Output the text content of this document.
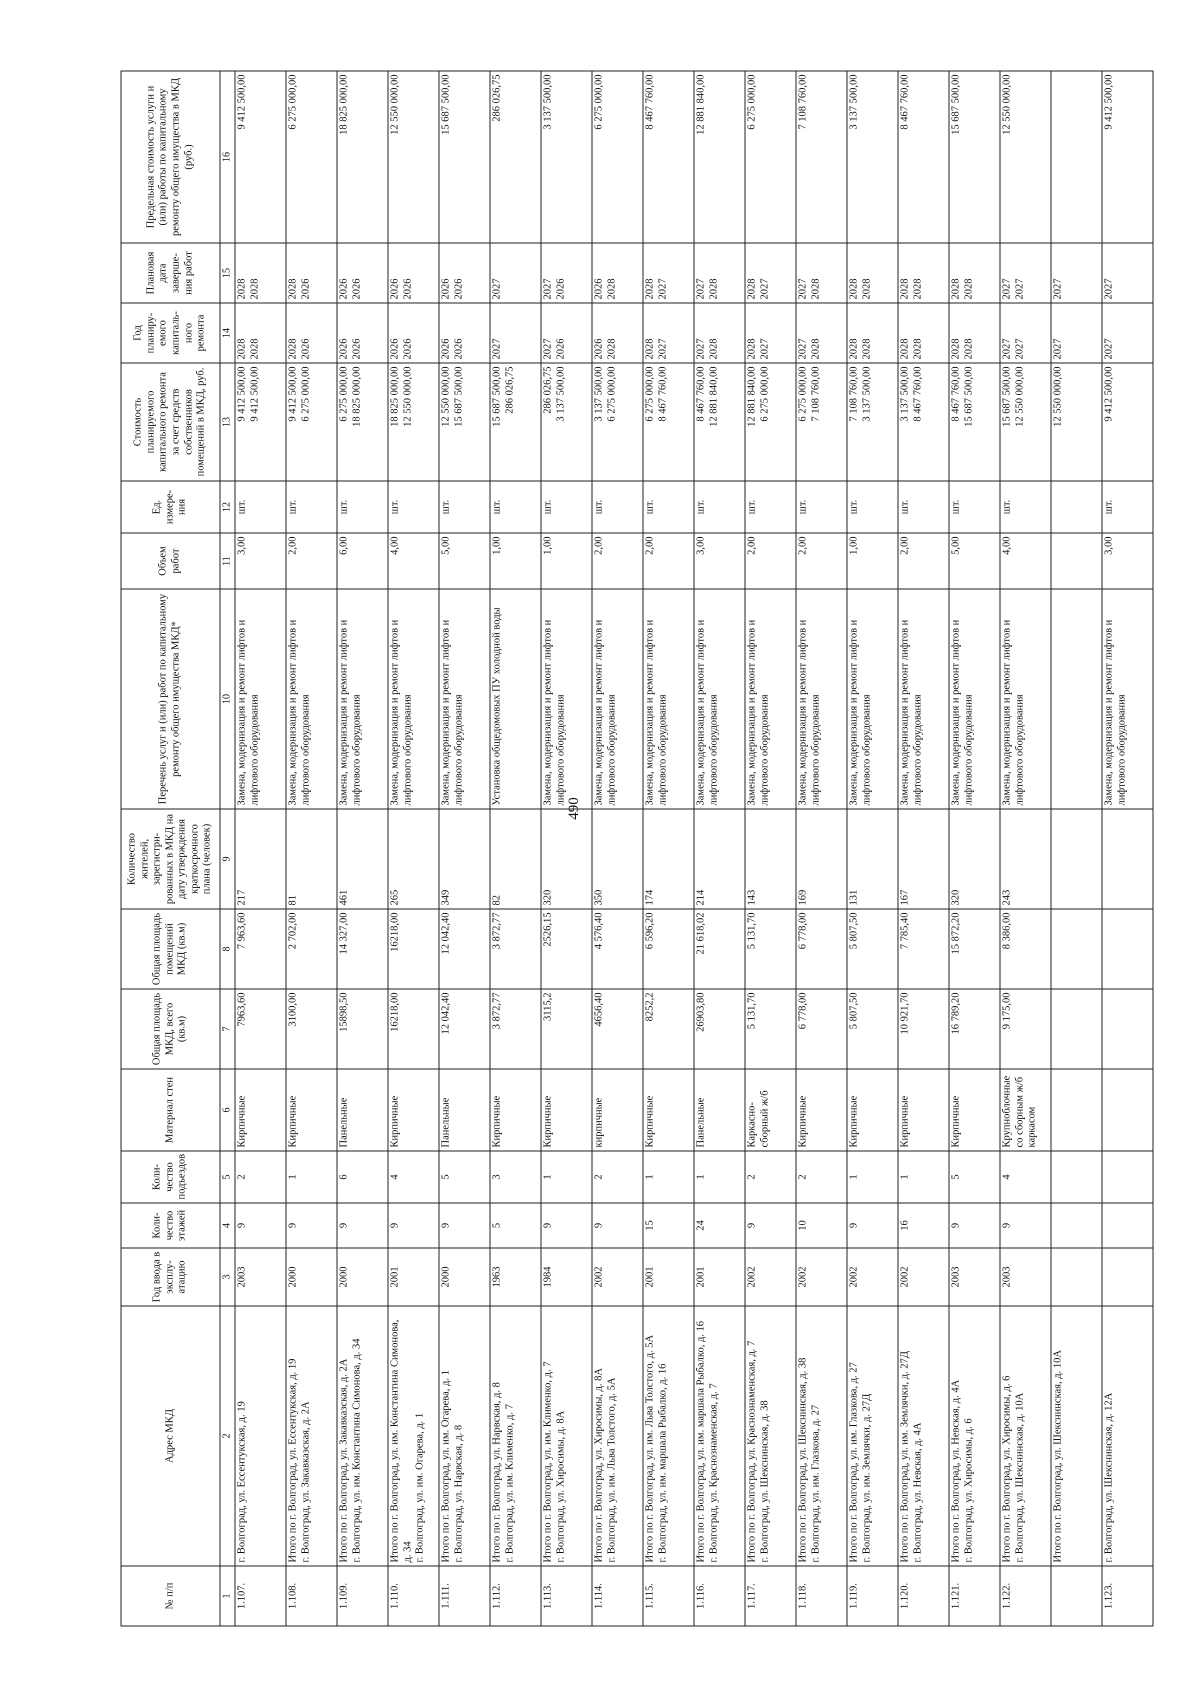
490
№ п/п	Адрес МКД	Год ввода в эксплу-атацию	Коли-чество этажей	Коли-чество подъездов	Материал стен	Общая площадь МКД, всего (кв.м)	Общая площадь помещений МКД (кв.м)	Количество жителей, зарегистри-рованных в МКД на дату утверждения краткосрочного плана (человек)	Перечень услуг и (или) работ по капитальному ремонту общего имущества МКД*	Объем работ	Ед. измере-ния	Стоимость планируемого капитального ремонта за счет средств собственников помещений в МКД, руб.	Год планиру-емого капиталь-ного ремонта	Плановая дата заверше-ния работ	Предельная стоимость услуги и (или) работы по капитальному ремонту общего имущества в МКД (руб.)
1	2	3	4	5	6	7	8	9	10	11	12	13	14	15	16

1.107.	г. Волгоград, ул. Ессентукская, д. 19	2003	9	2	Кирпичные	7963,60	7 963,60	217	Замена, модернизация и ремонт лифтов и лифтового оборудования	3,00	шт.	9 412 500,00 9 412 500,00	2028 2028	2028 2028	9 412 500,00

1.108.	Итого по г. Волгоград, ул. Ессентукская, д. 19 г. Волгоград, ул. Закавказская, д. 2А	2000	9	1	Кирпичные	3100,00	2 702,00	81	Замена, модернизация и ремонт лифтов и лифтового оборудования	2,00	шт.	9 412 500,00 6 275 000,00	2028 2026	2028 2026	6 275 000,00

1.109.	Итого по г. Волгоград, ул. Закавказская, д. 2А г. Волгоград, ул. им. Константина Симонова, д. 34	2000	9	6	Панельные	15898,50	14 327,00	461	Замена, модернизация и ремонт лифтов и лифтового оборудования	6,00	шт.	6 275 000,00 18 825 000,00	2026 2026	2026 2026	18 825 000,00

1.110.	Итого по г. Волгоград, ул. им. Константина Симонова, д. 34 г. Волгоград, ул. им. Огарева, д. 1	2001	9	4	Кирпичные	16218,00	16218,00	265	Замена, модернизация и ремонт лифтов и лифтового оборудования	4,00	шт.	18 825 000,00 12 550 000,00	2026 2026	2026 2026	12 550 000,00

1.111.	Итого по г. Волгоград, ул. им. Огарева, д. 1 г. Волгоград, ул. Нарвская, д. 8	2000	9	5	Панельные	12 042,40	12 042,40	349	Замена, модернизация и ремонт лифтов и лифтового оборудования	5,00	шт.	12 550 000,00 15 687 500,00	2026 2026	2026 2026	15 687 500,00

1.112.	Итого по г. Волгоград, ул. Нарвская, д. 8 г. Волгоград, ул. им. Клименко, д. 7	1963	5	3	Кирпичные	3 872,77	3 872,77	82	Установка общедомовых ПУ холодной воды	1,00	шт.	15 687 500,00 286 026,75	2027	2027	286 026,75

1.113.	Итого по г. Волгоград, ул. им. Клименко, д. 7 г. Волгоград, ул. Хиросимы, д. 8А	1984	9	1	Кирпичные	3115,2	2526,15	320	Замена, модернизация и ремонт лифтов и лифтового оборудования	1,00	шт.	286 026,75 3 137 500,00	2027 2026	2027 2026	3 137 500,00

1.114.	Итого по г. Волгоград, ул. Хиросимы, д. 8А г. Волгоград, ул. им. Льва Толстого, д. 5А	2002	9	2	кирпичные	4656,40	4 576,40	350	Замена, модернизация и ремонт лифтов и лифтового оборудования	2,00	шт.	3 137 500,00 6 275 000,00	2026 2028	2026 2028	6 275 000,00

1.115.	Итого по г. Волгоград, ул. им. Льва Толстого, д. 5А г. Волгоград, ул. им. маршала Рыбалко, д. 16	2001	15	1	Кирпичные	8252,2	6 596,20	174	Замена, модернизация и ремонт лифтов и лифтового оборудования	2,00	шт.	6 275 000,00 8 467 760,00	2028 2027	2028 2027	8 467 760,00

1.116.	Итого по г. Волгоград, ул. им. маршала Рыбалко, д. 16 г. Волгоград, ул. Краснознаменская, д. 7	2001	24	1	Панельные	26903,80	21 618,02	214	Замена, модернизация и ремонт лифтов и лифтового оборудования	3,00	шт.	8 467 760,00 12 881 840,00	2027 2028	2027 2028	12 881 840,00

1.117.	Итого по г. Волгоград, ул. Краснознаменская, д. 7 г. Волгоград, ул. Шекснинская, д. 38	2002	9	2	Каркасно-сборный ж/б	5 131,70	5 131,70	143	Замена, модернизация и ремонт лифтов и лифтового оборудования	2,00	шт.	12 881 840,00 6 275 000,00	2028 2027	2028 2027	6 275 000,00

1.118.	Итого по г. Волгоград, ул. Шекснинская, д. 38 г. Волгоград, ул. им. Глазкова, д. 27	2002	10	2	Кирпичные	6 778,00	6 778,00	169	Замена, модернизация и ремонт лифтов и лифтового оборудования	2,00	шт.	6 275 000,00 7 108 760,00	2027 2028	2027 2028	7 108 760,00

1.119.	Итого по г. Волгоград, ул. им. Глазкова, д. 27 г. Волгоград, ул. им. Землячки, д. 27Д	2002	9	1	Кирпичные	5 807,50	5 807,50	131	Замена, модернизация и ремонт лифтов и лифтового оборудования	1,00	шт.	7 108 760,00 3 137 500,00	2028 2028	2028 2028	3 137 500,00

1.120.	Итого по г. Волгоград, ул. им. Землячки, д. 27Д г. Волгоград, ул. Невская, д. 4А	2002	16	1	Кирпичные	10 921,70	7 785,40	167	Замена, модернизация и ремонт лифтов и лифтового оборудования	2,00	шт.	3 137 500,00 8 467 760,00	2028 2028	2028 2028	8 467 760,00

1.121.	Итого по г. Волгоград, ул. Невская, д. 4А г. Волгоград, ул. Хиросимы, д. 6	2003	9	5	Кирпичные	16 789,20	15 872,20	320	Замена, модернизация и ремонт лифтов и лифтового оборудования	5,00	шт.	8 467 760,00 15 687 500,00	2028 2028	2028 2028	15 687 500,00

1.122.	Итого по г. Волгоград, ул. Хиросимы, д. 6 г. Волгоград, ул. Шекснинская, д. 10А	2003	9	4	Крупноблочные со сборным ж/б каркасом	9 175,00	8 386,00	243	Замена, модернизация и ремонт лифтов и лифтового оборудования	4,00	шт.	15 687 500,00 12 550 000,00	2027 2027	2027 2027	12 550 000,00

	Итого по г. Волгоград, ул. Шекснинская, д. 10А											12 550 000,00	2027	2027	

1.123.	г. Волгоград, ул. Шекснинская, д. 12А								Замена, модернизация и ремонт лифтов и лифтового оборудования	3,00	шт.	9 412 500,00	2027	2027	9 412 500,00
